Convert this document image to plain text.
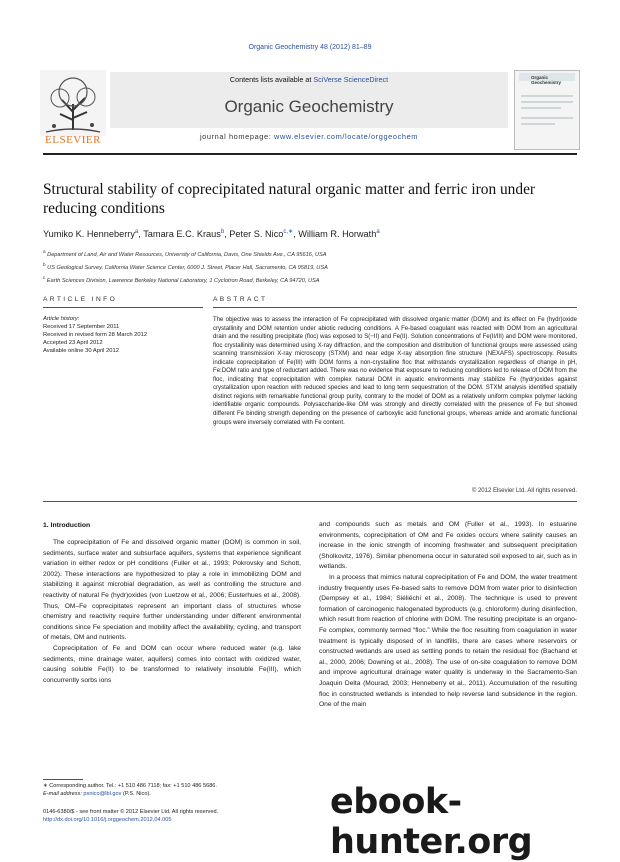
Organic Geochemistry 48 (2012) 81–89
ELSEVIER
Contents lists available at SciVerse ScienceDirect
Organic Geochemistry
journal homepage: www.elsevier.com/locate/orggeochem
Organic Geochemistry
Structural stability of coprecipitated natural organic matter and ferric iron under reducing conditions
Yumiko K. Henneberry$^a$, Tamara E.C. Kraus$^b$, Peter S. Nico$^{c,∗}$, William R. Horwath$^a$
$^a$ Department of Land, Air and Water Resources, University of California, Davis, One Shields Ave., CA 95616, USA
$^b$ US Geological Survey, California Water Science Center, 6000 J. Street, Placer Hall, Sacramento, CA 95819, USA
$^c$ Earth Sciences Division, Lawrence Berkeley National Laboratory, 1 Cyclotron Road, Berkeley, CA 94720, USA
ARTICLE INFO	ABSTRACT
Article history:
Received 17 September 2011
Received in revised form 28 March 2012
Accepted 23 April 2012
Available online 30 April 2012
The objective was to assess the interaction of Fe coprecipitated with dissolved organic matter (DOM) and its effect on Fe (hydr)oxide crystallinity and DOM retention under abiotic reducing conditions. A Fe-based coagulant was reacted with DOM from an agricultural drain and the resulting precipitate (floc) was exposed to S(−II) and Fe(II). Solution concentrations of Fe(II/III) and DOM were monitored, floc crystallinity was determined using X-ray diffraction, and the composition and distribution of functional groups were assessed using scanning transmission X-ray microscopy (STXM) and near edge X-ray absorption fine structure (NEXAFS) spectroscopy. Results indicate coprecipitation of Fe(III) with DOM forms a non-crystalline floc that withstands crystallization regardless of change in pH, Fe:DOM ratio and type of reductant added. There was no evidence that exposure to reducing conditions led to release of DOM from the floc, indicating that coprecipitation with complex natural DOM in aquatic environments may stabilize Fe (hydr)oxides against crystallization upon reaction with reduced species and lead to long term sequestration of the DOM. STXM analysis identified spatially distinct regions with remarkable functional group purity, contrary to the model of DOM as a relatively uniform complex polymer lacking identifiable organic compounds. Polysaccharide-like OM was strongly and directly correlated with the presence of Fe but showed different Fe binding strength depending on the presence of carboxylic acid functional groups, whereas amide and aromatic functional groups were inversely correlated with Fe content.
© 2012 Elsevier Ltd. All rights reserved.
1. Introduction

The coprecipitation of Fe and dissolved organic matter (DOM) is common in soil, sediments, surface water and subsurface aquifers, systems that experience significant variation in either redox or pH conditions (Fuller et al., 1993; Pokrovsky and Schott, 2002). These interactions are hypothesized to play a role in immobilizing DOM and stabilizing it against microbial degradation, as well as controlling the structure and reactivity of natural Fe (hydr)oxides (von Luetzow et al., 2006; Eusterhues et al., 2008). Thus, OM–Fe coprecipitates represent an important class of structures whose chemistry and reactivity require further understanding under different environmental conditions since Fe speciation and mobility affect the availability, cycling, and transport of metals, OM and nutrients.

Coprecipitation of Fe and DOM can occur where reduced water (e.g. lake sediments, mine drainage water, aquifers) comes into contact with oxidized water, causing soluble Fe(II) to be transformed to relatively insoluble Fe(III), which concurrently sorbs ions

and compounds such as metals and OM (Fuller et al., 1993). In estuarine environments, coprecipitation of OM and Fe oxides occurs where salinity causes an increase in the ionic strength of incoming freshwater and subsequent precipitation (Sholkovitz, 1976). Similar phenomena occur in saturated soil exposed to air, such as in wetlands.

In a process that mimics natural coprecipitation of Fe and DOM, the water treatment industry frequently uses Fe-based salts to remove DOM from water prior to disinfection (Dempsey et al., 1984; Siéliéchi et al., 2008). The technique is used to prevent formation of carcinogenic halogenated byproducts (e.g. chloroform) during disinfection, which result from reaction of chlorine with DOM. The resulting precipitate is an organo-Fe complex, commonly termed “floc.” While the floc resulting from coagulation in water treatment is typically disposed of in landfills, there are cases where reservoirs or constructed wetlands are used as settling ponds to retain the residual floc (Bachand et al., 2000, 2006; Downing et al., 2008). The use of on-site coagulation to remove DOM and improve agricultural drainage water quality is underway in the Sacramento-San Joaquin Delta (Mourad, 2003; Henneberry et al., 2011). Accumulation of the resulting floc in constructed wetlands is intended to help reverse land subsidence in the region. One of the main

∗ Corresponding author. Tel.: +1 510 486 7118; fax: +1 510 486 5686.
E-mail address: psnico@lbl.gov (P.S. Nico).
0146-6380/$ - see front matter © 2012 Elsevier Ltd. All rights reserved.
http://dx.doi.org/10.1016/j.orggeochem.2012.04.005	ebook-hunter.org
